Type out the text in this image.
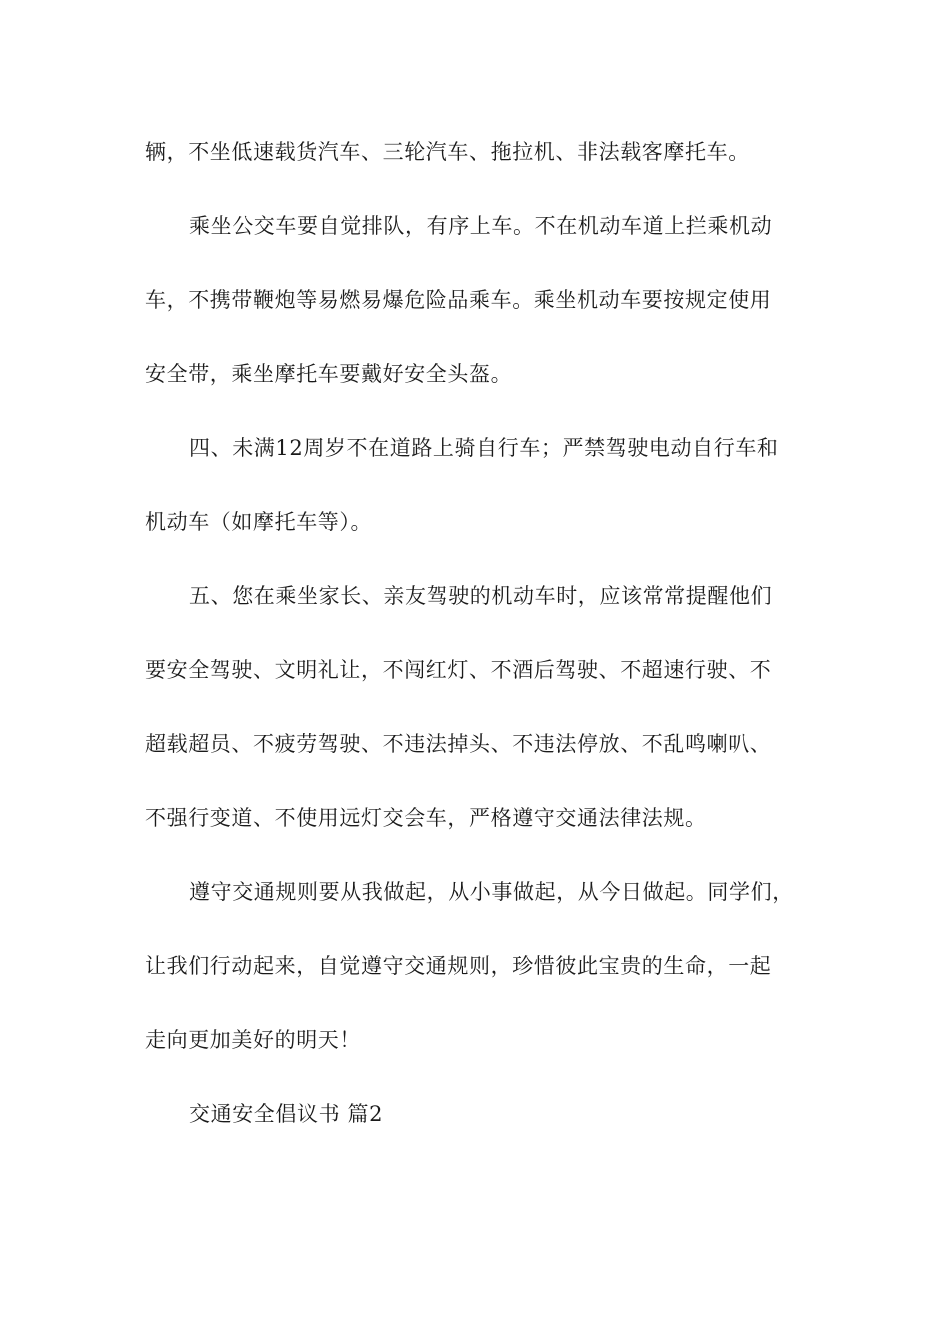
辆，不坐低速载货汽车、三轮汽车、拖拉机、非法载客摩托车。
乘坐公交车要自觉排队，有序上车。不在机动车道上拦乘机动
车，不携带鞭炮等易燃易爆危险品乘车。乘坐机动车要按规定使用
安全带，乘坐摩托车要戴好安全头盔。
四、未满12周岁不在道路上骑自行车；严禁驾驶电动自行车和
机动车（如摩托车等）。
五、您在乘坐家长、亲友驾驶的机动车时，应该常常提醒他们
要安全驾驶、文明礼让，不闯红灯、不酒后驾驶、不超速行驶、不
超载超员、不疲劳驾驶、不违法掉头、不违法停放、不乱鸣喇叭、
不强行变道、不使用远灯交会车，严格遵守交通法律法规。
遵守交通规则要从我做起，从小事做起，从今日做起。同学们，
让我们行动起来，自觉遵守交通规则，珍惜彼此宝贵的生命，一起
走向更加美好的明天！
交通安全倡议书 篇2
